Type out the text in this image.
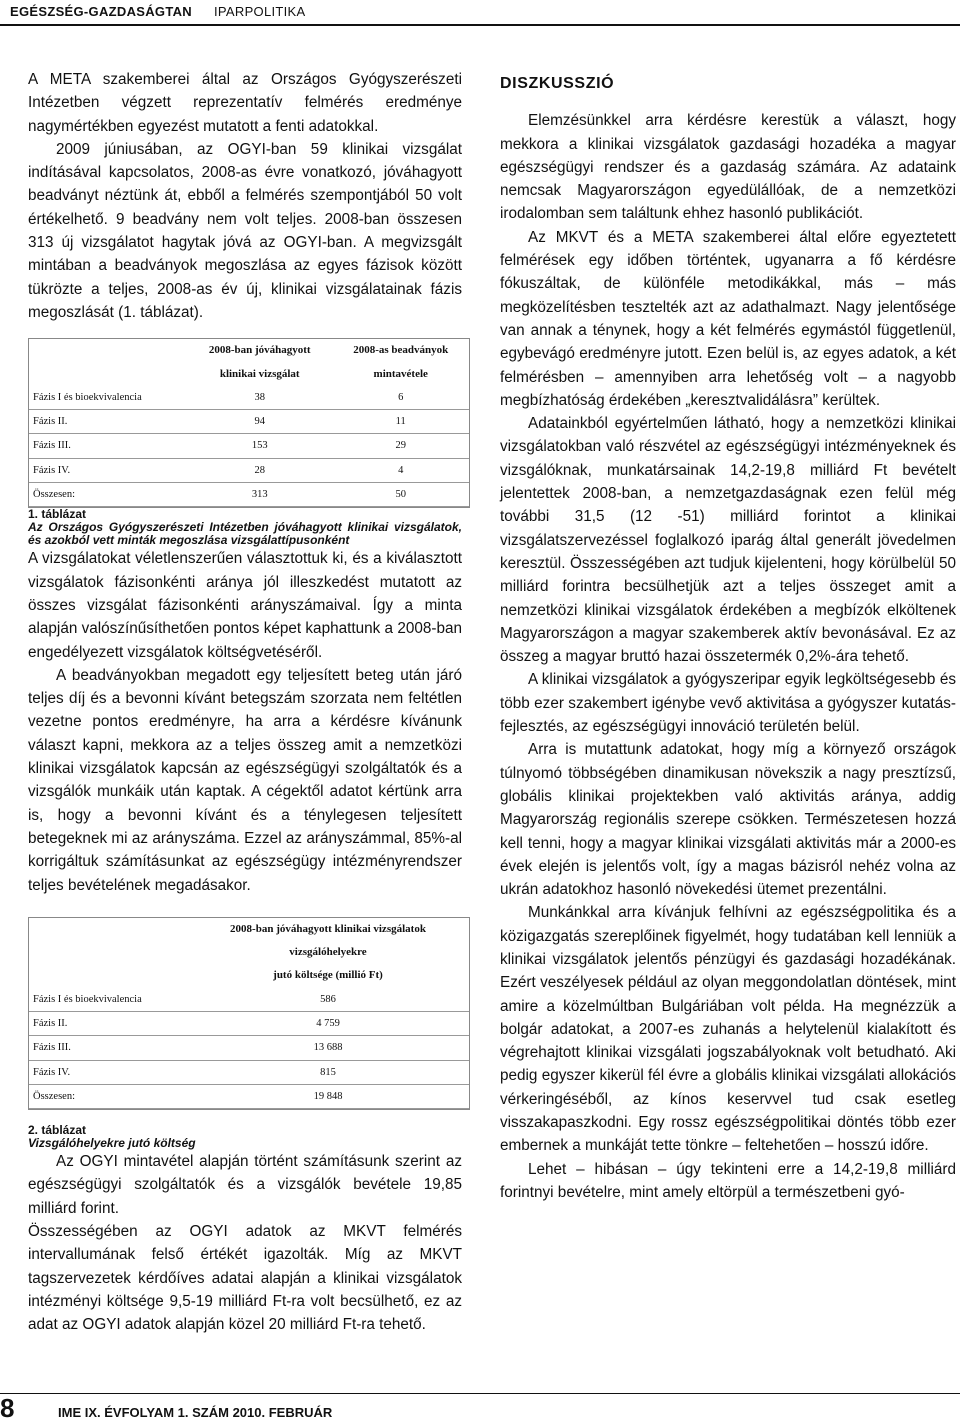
EGÉSZSÉG-GAZDASÁGTAN IPARPOLITIKA

A META szakemberei által az Országos Gyógyszerészeti Intézetben végzett reprezentatív felmérés eredménye nagymértékben egyezést mutatott a fenti adatokkal.

2009 júniusában, az OGYI-ban 59 klinikai vizsgálat indításával kapcsolatos, 2008-as évre vonatkozó, jóváhagyott beadványt néztünk át, ebből a felmérés szempontjából 50 volt értékelhető. 9 beadvány nem volt teljes. 2008-ban összesen 313 új vizsgálatot hagytak jóvá az OGYI-ban. A megvizsgált mintában a beadványok megoszlása az egyes fázisok között tükrözte a teljes, 2008-as év új, klinikai vizsgálatainak fázis megoszlását (1. táblázat).

	2008-ban jóváhagyott	2008-as beadványok
	klinikai vizsgálat	mintavétele
Fázis I és bioekvivalencia	38	6
Fázis II.	94	11
Fázis III.	153	29
Fázis IV.	28	4
Összesen:	313	50

1. táblázat
Az Országos Gyógyszerészeti Intézetben jóváhagyott klinikai vizsgálatok, és azokból vett minták megoszlása vizsgálattípusonként

A vizsgálatokat véletlenszerűen választottuk ki, és a kiválasztott vizsgálatok fázisonkénti aránya jól illeszkedést mutatott az összes vizsgálat fázisonkénti arányszámaival. Így a minta alapján valószínűsíthetően pontos képet kaphattunk a 2008-ban engedélyezett vizsgálatok költségvetéséről.

A beadványokban megadott egy teljesített beteg után járó teljes díj és a bevonni kívánt betegszám szorzata nem feltétlen vezetne pontos eredményre, ha arra a kérdésre kívánunk választ kapni, mekkora az a teljes összeg amit a nemzetközi klinikai vizsgálatok kapcsán az egészségügyi szolgáltatók és a vizsgálók munkáik után kaptak. A cégektől adatot kértünk arra is, hogy a bevonni kívánt és a ténylegesen teljesített betegeknek mi az arányszáma. Ezzel az arányszámmal, 85%-al korrigáltuk számításunkat az egészségügy intézményrendszer teljes bevételének megadásakor.

	2008-ban jóváhagyott klinikai vizsgálatok vizsgálóhelyekre
	jutó költsége (millió Ft)
Fázis I és bioekvivalencia	586
Fázis II.	4 759
Fázis III.	13 688
Fázis IV.	815
Összesen:	19 848

2. táblázat
Vizsgálóhelyekre jutó költség

Az OGYI mintavétel alapján történt számításunk szerint az egészségügyi szolgáltatók és a vizsgálók bevétele 19,85 milliárd forint.

Összességében az OGYI adatok az MKVT felmérés intervallumának felső értékét igazolták. Míg az MKVT tagszervezetek kérdőíves adatai alapján a klinikai vizsgálatok intézményi költsége 9,5-19 milliárd Ft-ra volt becsülhető, ez az adat az OGYI adatok alapján közel 20 milliárd Ft-ra tehető.

DISZKUSSZIÓ

Elemzésünkkel arra kérdésre kerestük a választ, hogy mekkora a klinikai vizsgálatok gazdasági hozadéka a magyar egészségügyi rendszer és a gazdaság számára. Az adataink nemcsak Magyarországon egyedülállóak, de a nemzetközi irodalomban sem találtunk ehhez hasonló publikációt.

Az MKVT és a META szakemberei által előre egyeztetett felmérések egy időben történtek, ugyanarra a fő kérdésre fókuszáltak, de különféle metodikákkal, más – más megközelítésben tesztelték azt az adathalmazt. Nagy jelentősége van annak a ténynek, hogy a két felmérés egymástól függetlenül, egybevágó eredményre jutott. Ezen belül is, az egyes adatok, a két felmérésben – amennyiben arra lehetőség volt – a nagyobb megbízhatóság érdekében „keresztvalidálásra” kerültek.

Adatainkból egyértelműen látható, hogy a nemzetközi klinikai vizsgálatokban való részvétel az egészségügyi intézményeknek és vizsgálóknak, munkatársainak 14,2-19,8 milliárd Ft bevételt jelentettek 2008-ban, a nemzetgazdaságnak ezen felül még további 31,5 (12 -51) milliárd forintot a klinikai vizsgálatszervezéssel foglalkozó iparág által generált jövedelmen keresztül. Összességében azt tudjuk kijelenteni, hogy körülbelül 50 milliárd forintra becsülhetjük azt a teljes összeget amit a nemzetközi klinikai vizsgálatok érdekében a megbízók elköltenek Magyarországon a magyar szakemberek aktív bevonásával. Ez az összeg a magyar bruttó hazai összetermék 0,2%-ára tehető.

A klinikai vizsgálatok a gyógyszeripar egyik legköltségesebb és több ezer szakembert igénybe vevő aktivitása a gyógyszer kutatás-fejlesztés, az egészségügyi innováció területén belül.

Arra is mutattunk adatokat, hogy míg a környező országok túlnyomó többségében dinamikusan növekszik a nagy presztízsű, globális klinikai projektekben való aktivitás aránya, addig Magyarország regionális szerepe csökken. Természetesen hozzá kell tenni, hogy a magyar klinikai vizsgálati aktivitás már a 2000-es évek elején is jelentős volt, így a magas bázisról nehéz volna az ukrán adatokhoz hasonló növekedési ütemet prezentálni.

Munkánkkal arra kívánjuk felhívni az egészségpolitika és a közigazgatás szereplőinek figyelmét, hogy tudatában kell lenniük a klinikai vizsgálatok jelentős pénzügyi és gazdasági hozadékának. Ezért veszélyesek például az olyan meggondolatlan döntések, mint amire a közelmúltban Bulgáriában volt példa. Ha megnézzük a bolgár adatokat, a 2007-es zuhanás a helytelenül kialakított és végrehajtott klinikai vizsgálati jogszabályoknak volt betudható. Aki pedig egyszer kikerül fél évre a globális klinikai vizsgálati allokációs vérkeringéséből, az kínos keservvel tud csak esetleg visszakapaszkodni. Egy rossz egészségpolitikai döntés több ezer embernek a munkáját tette tönkre – feltehetően – hosszú időre.

Lehet – hibásan – úgy tekinteni erre a 14,2-19,8 milliárd forintnyi bevételre, mint amely eltörpül a természetbeni gyó-

8	IME IX. ÉVFOLYAM 1. SZÁM 2010. FEBRUÁR
